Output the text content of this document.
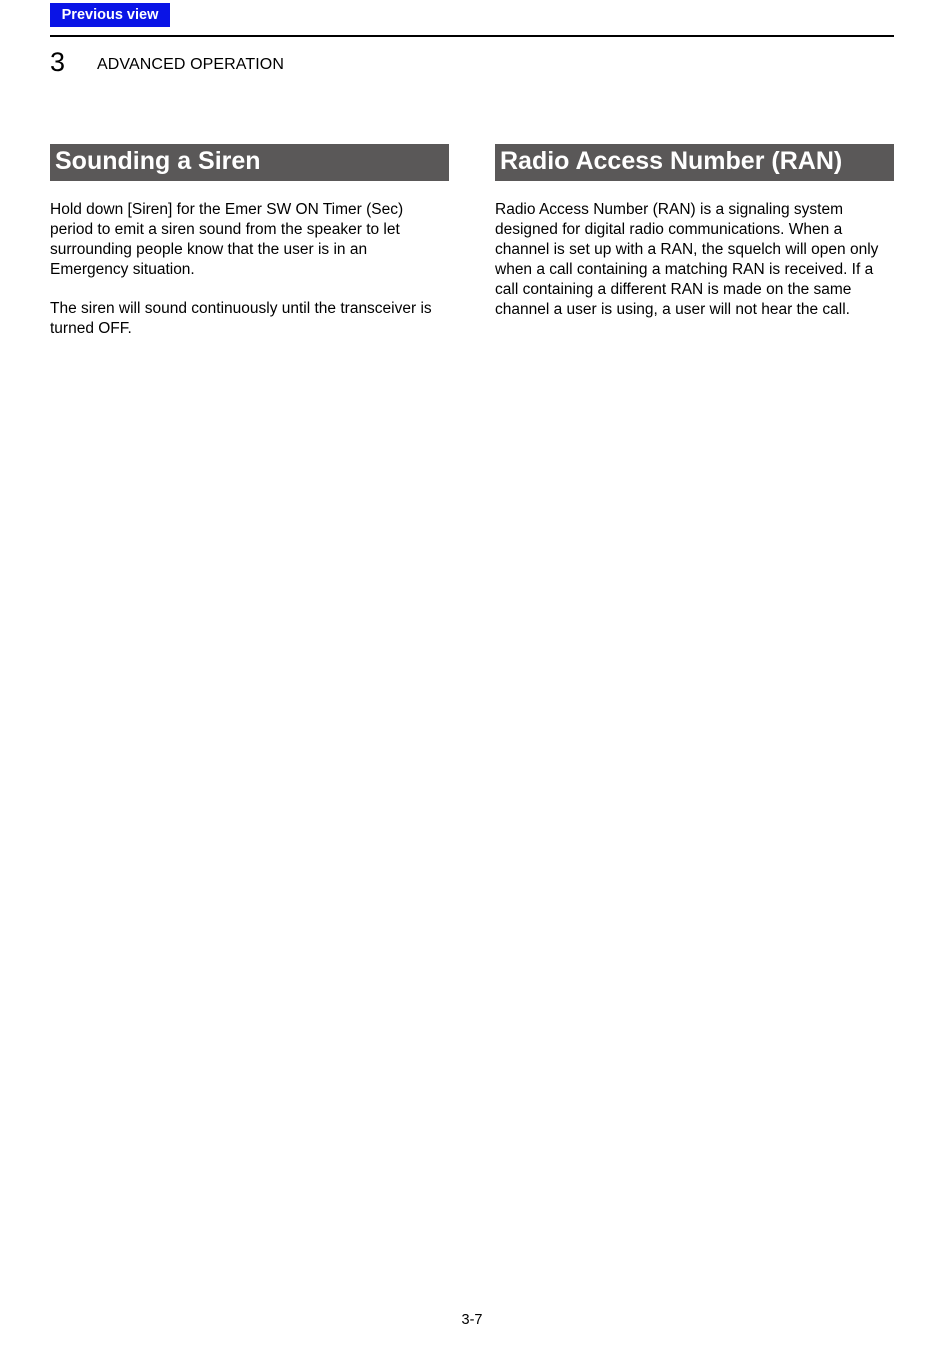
Previous view
3 ADVANCED OPERATION
Sounding a Siren

Hold down [Siren] for the Emer SW ON Timer (Sec) period to emit a siren sound from the speaker to let surrounding people know that the user is in an Emergency situation.

The siren will sound continuously until the transceiver is turned OFF.

Radio Access Number (RAN)

Radio Access Number (RAN) is a signaling system designed for digital radio communications. When a channel is set up with a RAN, the squelch will open only when a call containing a matching RAN is received. If a call containing a different RAN is made on the same channel a user is using, a user will not hear the call.

3-7
